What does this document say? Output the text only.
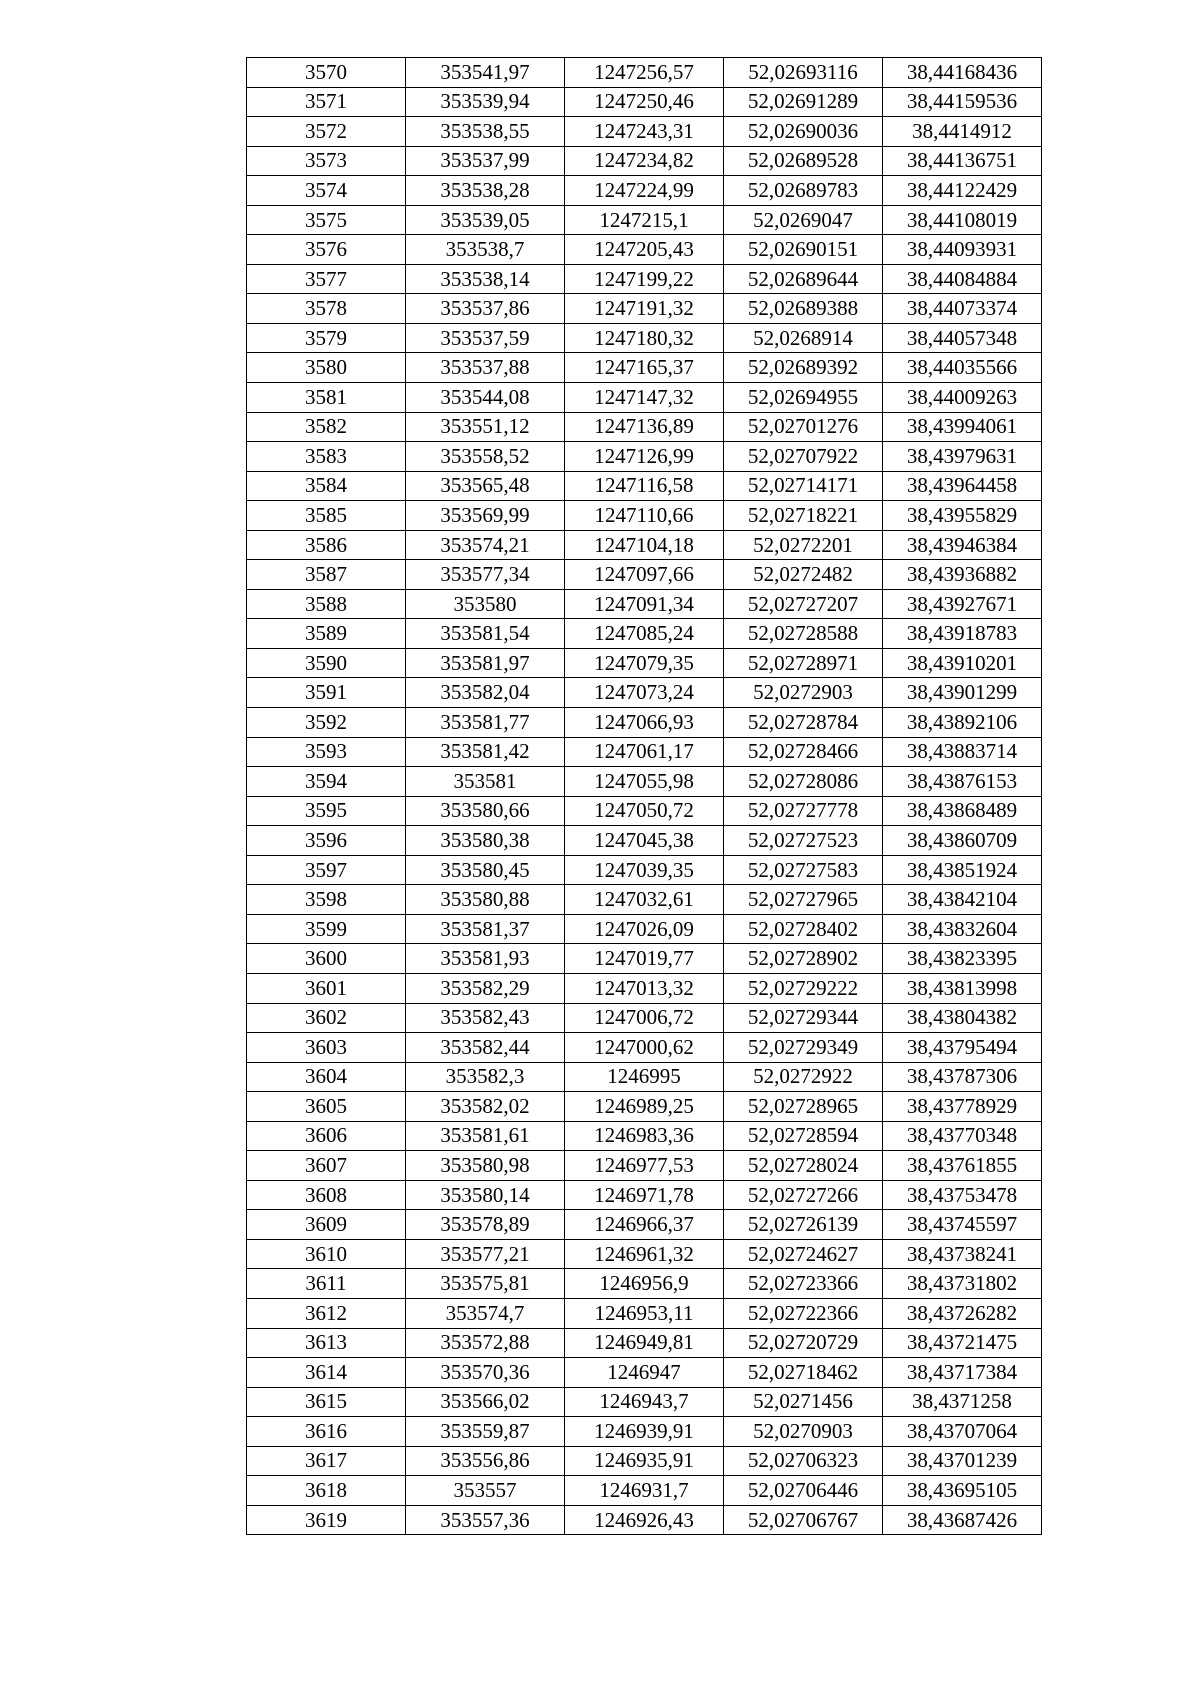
3570	353541,97	1247256,57	52,02693116	38,44168436
3571	353539,94	1247250,46	52,02691289	38,44159536
3572	353538,55	1247243,31	52,02690036	38,4414912
3573	353537,99	1247234,82	52,02689528	38,44136751
3574	353538,28	1247224,99	52,02689783	38,44122429
3575	353539,05	1247215,1	52,0269047	38,44108019
3576	353538,7	1247205,43	52,02690151	38,44093931
3577	353538,14	1247199,22	52,02689644	38,44084884
3578	353537,86	1247191,32	52,02689388	38,44073374
3579	353537,59	1247180,32	52,0268914	38,44057348
3580	353537,88	1247165,37	52,02689392	38,44035566
3581	353544,08	1247147,32	52,02694955	38,44009263
3582	353551,12	1247136,89	52,02701276	38,43994061
3583	353558,52	1247126,99	52,02707922	38,43979631
3584	353565,48	1247116,58	52,02714171	38,43964458
3585	353569,99	1247110,66	52,02718221	38,43955829
3586	353574,21	1247104,18	52,0272201	38,43946384
3587	353577,34	1247097,66	52,0272482	38,43936882
3588	353580	1247091,34	52,02727207	38,43927671
3589	353581,54	1247085,24	52,02728588	38,43918783
3590	353581,97	1247079,35	52,02728971	38,43910201
3591	353582,04	1247073,24	52,0272903	38,43901299
3592	353581,77	1247066,93	52,02728784	38,43892106
3593	353581,42	1247061,17	52,02728466	38,43883714
3594	353581	1247055,98	52,02728086	38,43876153
3595	353580,66	1247050,72	52,02727778	38,43868489
3596	353580,38	1247045,38	52,02727523	38,43860709
3597	353580,45	1247039,35	52,02727583	38,43851924
3598	353580,88	1247032,61	52,02727965	38,43842104
3599	353581,37	1247026,09	52,02728402	38,43832604
3600	353581,93	1247019,77	52,02728902	38,43823395
3601	353582,29	1247013,32	52,02729222	38,43813998
3602	353582,43	1247006,72	52,02729344	38,43804382
3603	353582,44	1247000,62	52,02729349	38,43795494
3604	353582,3	1246995	52,0272922	38,43787306
3605	353582,02	1246989,25	52,02728965	38,43778929
3606	353581,61	1246983,36	52,02728594	38,43770348
3607	353580,98	1246977,53	52,02728024	38,43761855
3608	353580,14	1246971,78	52,02727266	38,43753478
3609	353578,89	1246966,37	52,02726139	38,43745597
3610	353577,21	1246961,32	52,02724627	38,43738241
3611	353575,81	1246956,9	52,02723366	38,43731802
3612	353574,7	1246953,11	52,02722366	38,43726282
3613	353572,88	1246949,81	52,02720729	38,43721475
3614	353570,36	1246947	52,02718462	38,43717384
3615	353566,02	1246943,7	52,0271456	38,4371258
3616	353559,87	1246939,91	52,0270903	38,43707064
3617	353556,86	1246935,91	52,02706323	38,43701239
3618	353557	1246931,7	52,02706446	38,43695105
3619	353557,36	1246926,43	52,02706767	38,43687426
